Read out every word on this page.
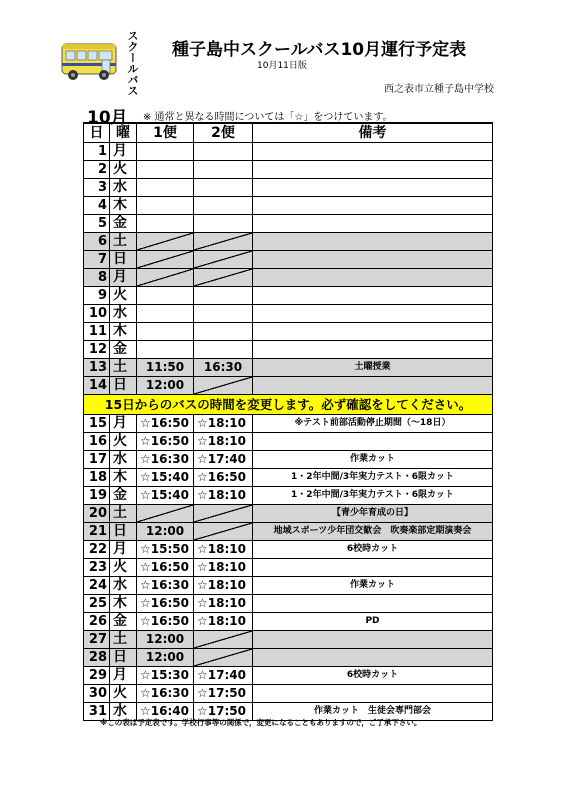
スクールバス 種子島中スクールバス10月運行予定表
10月11日版
西之表市立種子島中学校
10月 ※ 通常と異なる時間については「☆」をつけています。
日	曜	1便	2便	備考
1	月			
2	火			
3	水			
4	木			
5	金			
6	土			
7	日			
8	月			
9	火			
10	水			
11	木			
12	金			
13	土	11:50	16:30	土曜授業
14	日	12:00		
15日からのバスの時間を変更します。必ず確認をしてください。				
15	月	☆16:50	☆18:10	※テスト前部活動停止期間（～18日）
16	火	☆16:50	☆18:10	
17	水	☆16:30	☆17:40	作業カット
18	木	☆15:40	☆16:50	1・2年中間/3年実力テスト・6限カット
19	金	☆15:40	☆18:10	1・2年中間/3年実力テスト・6限カット
20	土			【青少年育成の日】
21	日	12:00		地域スポーツ少年団交歓会　吹奏楽部定期演奏会
22	月	☆15:50	☆18:10	6校時カット
23	火	☆16:50	☆18:10	
24	水	☆16:30	☆18:10	作業カット
25	木	☆16:50	☆18:10	
26	金	☆16:50	☆18:10	PD
27	土	12:00		
28	日	12:00		
29	月	☆15:30	☆17:40	6校時カット
30	火	☆16:30	☆17:50	
31	水	☆16:40	☆17:50	作業カット　生徒会専門部会
※この表は予定表です。学校行事等の関係で，変更になることもありますので，ご了承下さい。
